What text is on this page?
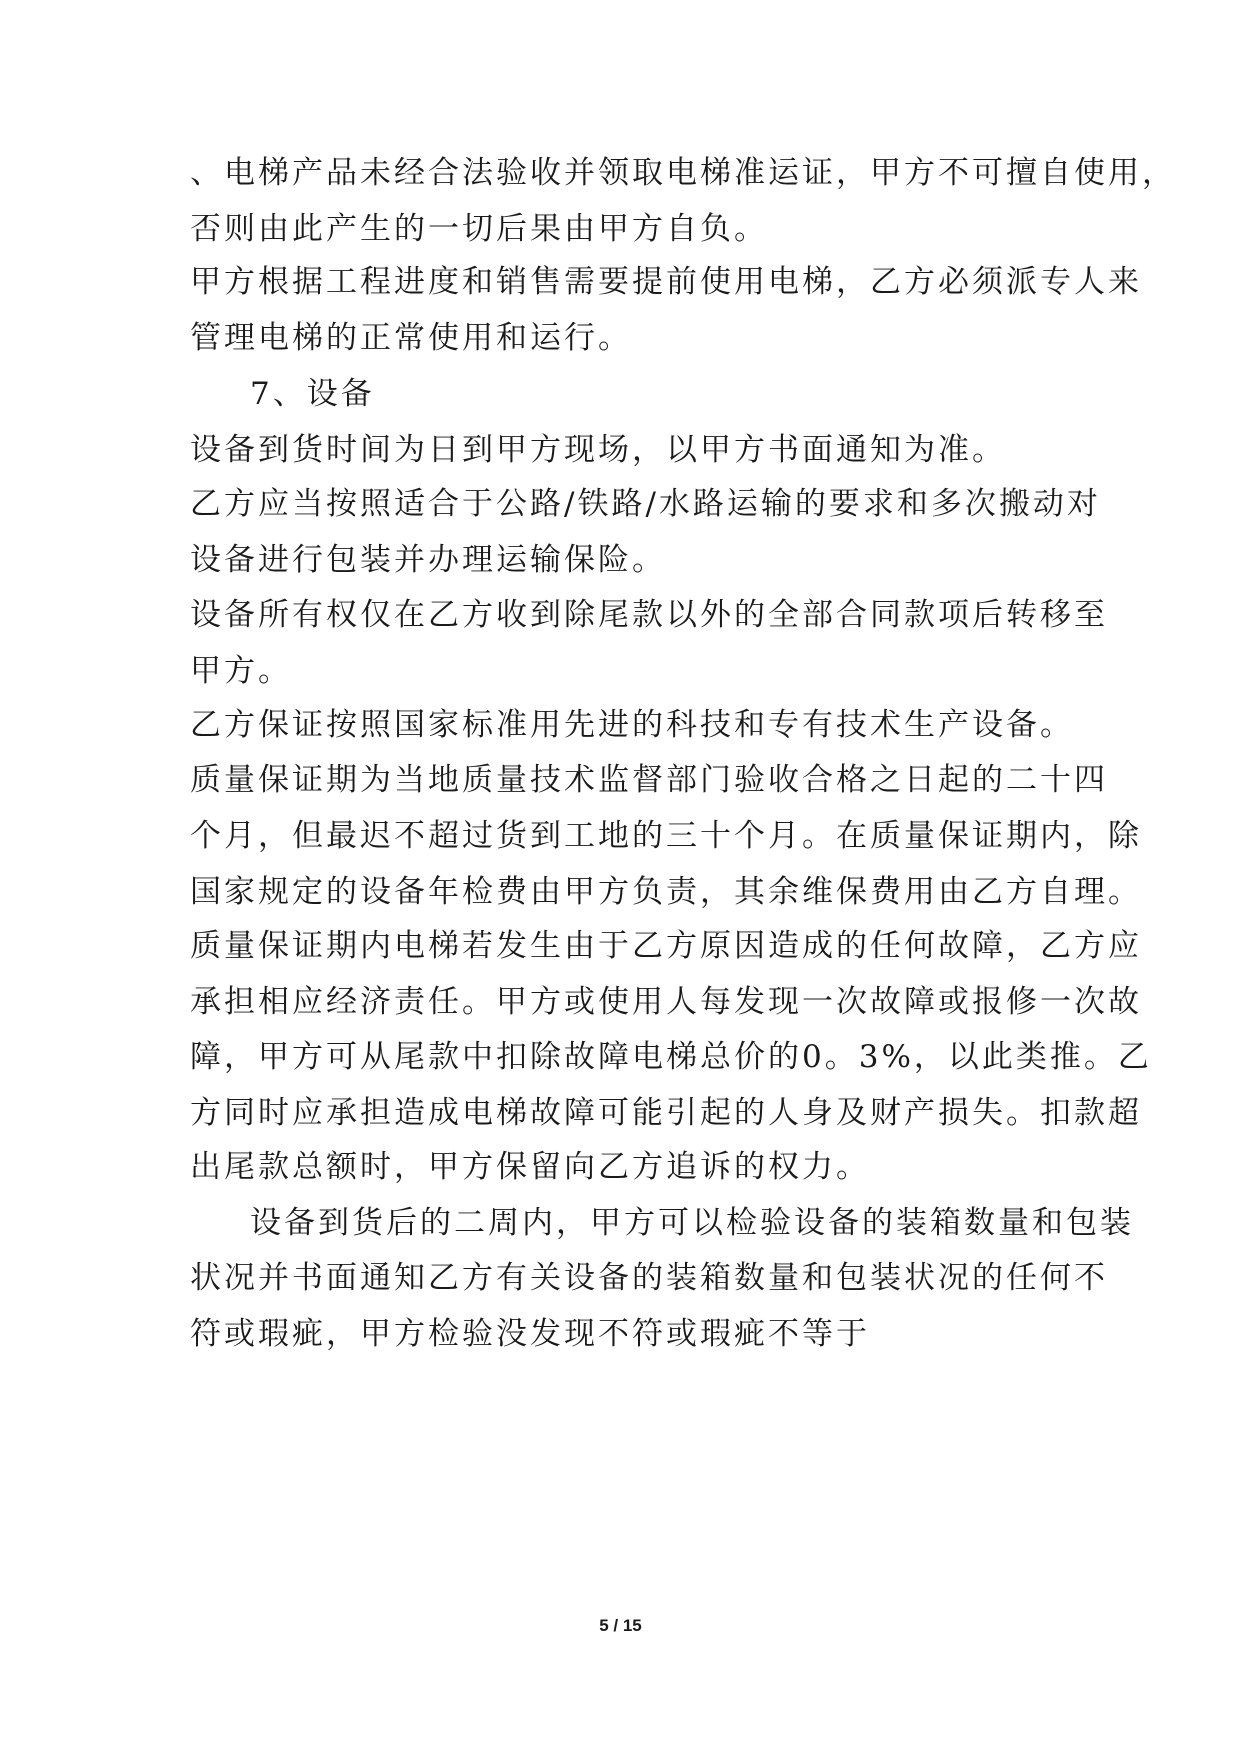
、电梯产品未经合法验收并领取电梯准运证，甲方不可擅自使用，
否则由此产生的一切后果由甲方自负。
甲方根据工程进度和销售需要提前使用电梯，乙方必须派专人来
管理电梯的正常使用和运行。
7、设备
设备到货时间为日到甲方现场，以甲方书面通知为准。
乙方应当按照适合于公路/铁路/水路运输的要求和多次搬动对
设备进行包装并办理运输保险。
设备所有权仅在乙方收到除尾款以外的全部合同款项后转移至
甲方。
乙方保证按照国家标准用先进的科技和专有技术生产设备。
质量保证期为当地质量技术监督部门验收合格之日起的二十四
个月，但最迟不超过货到工地的三十个月。在质量保证期内，除
国家规定的设备年检费由甲方负责，其余维保费用由乙方自理。
质量保证期内电梯若发生由于乙方原因造成的任何故障，乙方应
承担相应经济责任。甲方或使用人每发现一次故障或报修一次故
障，甲方可从尾款中扣除故障电梯总价的0。3%，以此类推。乙
方同时应承担造成电梯故障可能引起的人身及财产损失。扣款超
出尾款总额时，甲方保留向乙方追诉的权力。
设备到货后的二周内，甲方可以检验设备的装箱数量和包装
状况并书面通知乙方有关设备的装箱数量和包装状况的任何不
符或瑕疵，甲方检验没发现不符或瑕疵不等于
5 / 15
